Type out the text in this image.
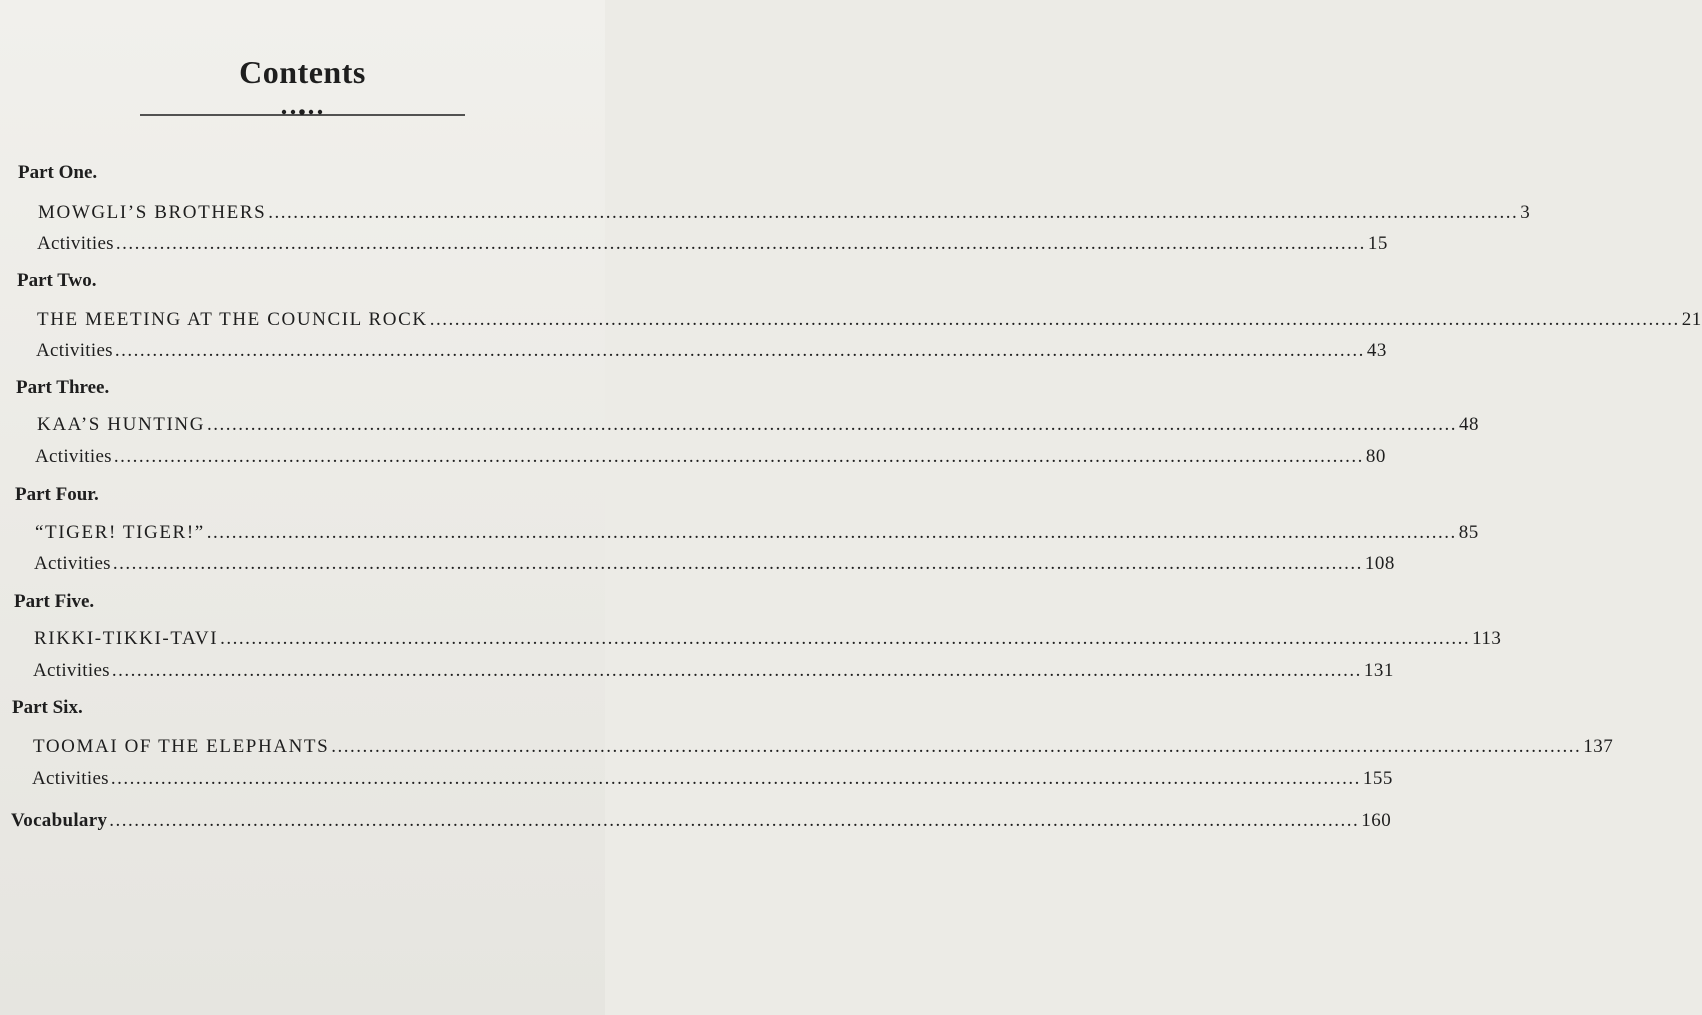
Contents
Part One.
MOWGLI’S BROTHERS ........................................................................................................................................................................................................ 3
Activities ........................................................................................................................................................................................................ 15
Part Two.
THE MEETING AT THE COUNCIL ROCK ........................................................................................................................................................................................................ 21
Activities ........................................................................................................................................................................................................ 43
Part Three.
KAA’S HUNTING ........................................................................................................................................................................................................ 48
Activities ........................................................................................................................................................................................................ 80
Part Four.
“TIGER! TIGER!” ........................................................................................................................................................................................................ 85
Activities ........................................................................................................................................................................................................ 108
Part Five.
RIKKI-TIKKI-TAVI ........................................................................................................................................................................................................ 113
Activities ........................................................................................................................................................................................................ 131
Part Six.
TOOMAI OF THE ELEPHANTS ........................................................................................................................................................................................................ 137
Activities ........................................................................................................................................................................................................ 155
Vocabulary ........................................................................................................................................................................................................ 160
